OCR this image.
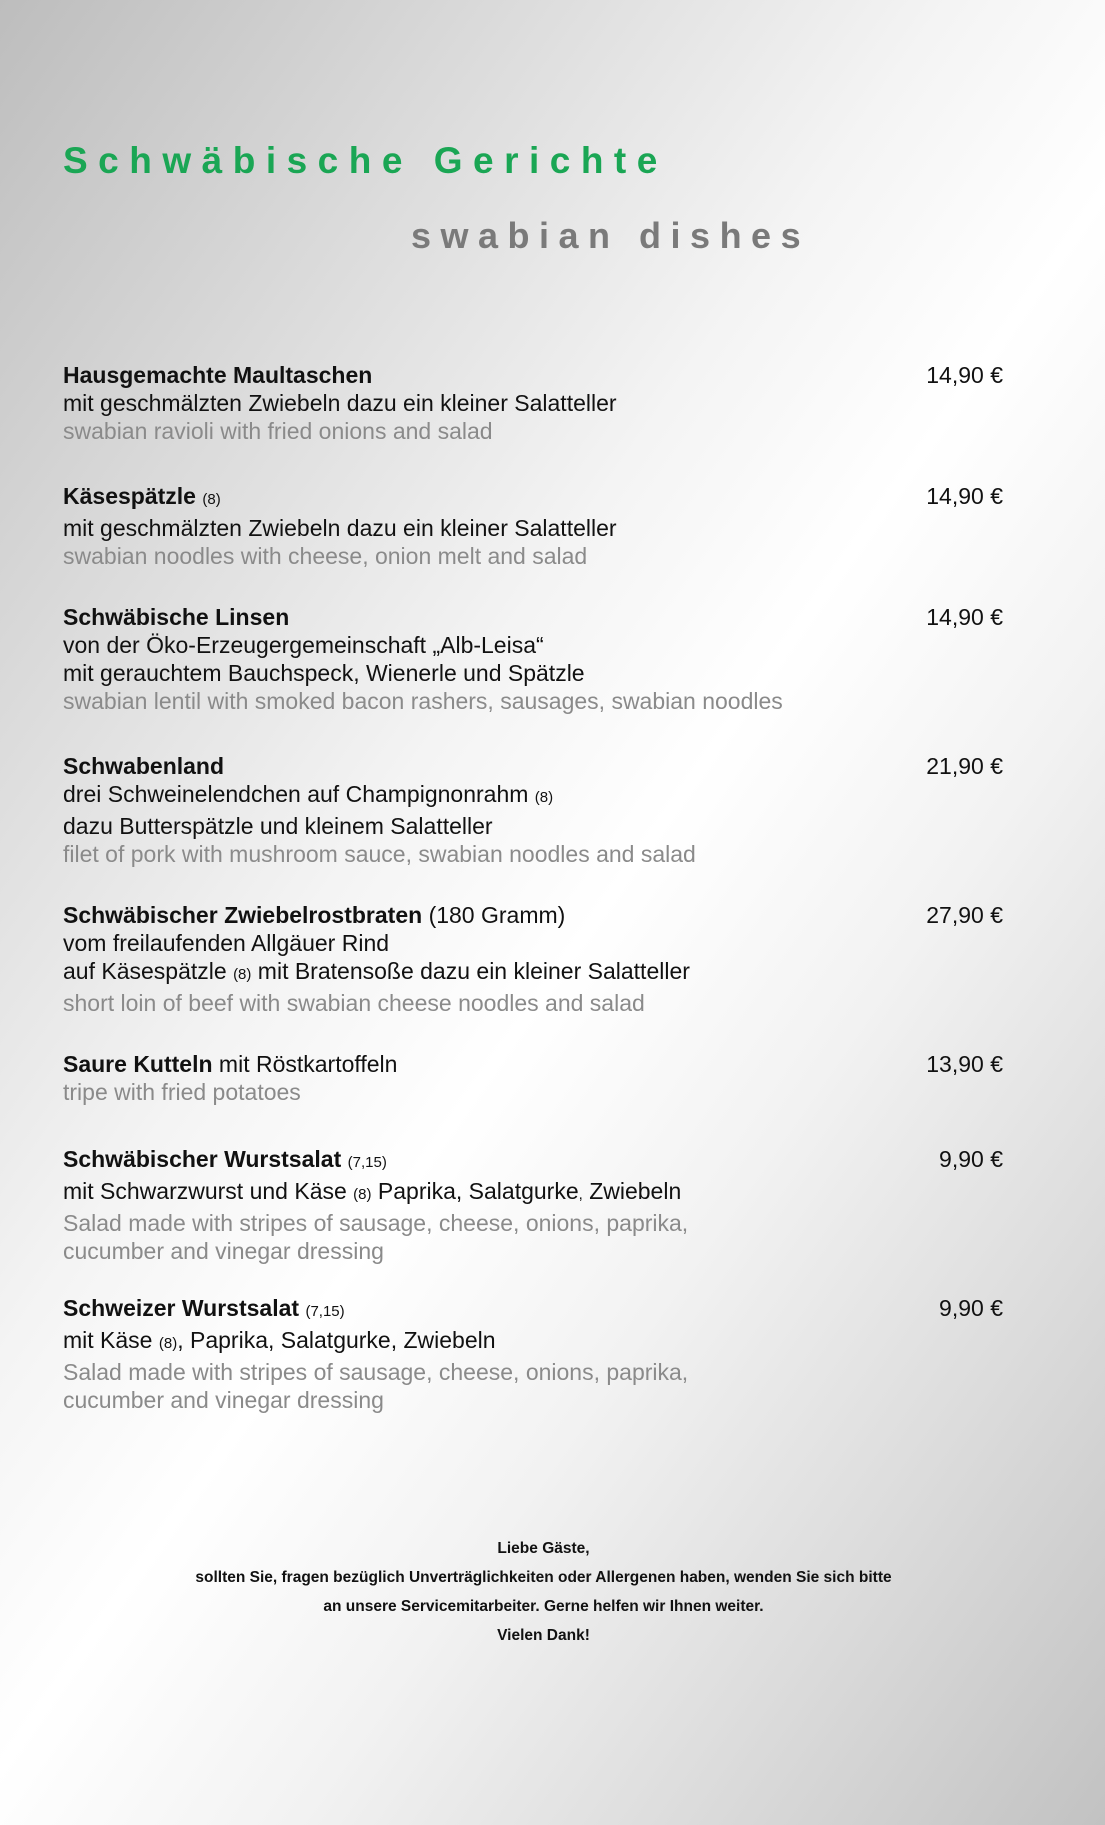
Schwäbische Gerichte
swabian dishes
Hausgemachte Maultaschen
mit geschmälzten Zwiebeln dazu ein kleiner Salatteller
swabian ravioli with fried onions and salad
14,90 €
Käsespätzle (8)
mit geschmälzten Zwiebeln dazu ein kleiner Salatteller
swabian noodles with cheese, onion melt and salad
14,90 €
Schwäbische Linsen
von der Öko-Erzeugergemeinschaft „Alb-Leisa“
mit gerauchtem Bauchspeck, Wienerle und Spätzle
swabian lentil with smoked bacon rashers, sausages, swabian noodles
14,90 €
Schwabenland
drei Schweinelendchen auf Champignonrahm (8)
dazu Butterspätzle und kleinem Salatteller
filet of pork with mushroom sauce, swabian noodles and salad
21,90 €
Schwäbischer Zwiebelrostbraten (180 Gramm)
vom freilaufenden Allgäuer Rind
auf Käsespätzle (8) mit Bratensoße dazu ein kleiner Salatteller
short loin of beef with swabian cheese noodles and salad
27,90 €
Saure Kutteln mit Röstkartoffeln
tripe with fried potatoes
13,90 €
Schwäbischer Wurstsalat (7,15)
mit Schwarzwurst und Käse (8) Paprika, Salatgurke, Zwiebeln
Salad made with stripes of sausage, cheese, onions, paprika,
cucumber and vinegar dressing
9,90 €
Schweizer Wurstsalat (7,15)
mit Käse (8), Paprika, Salatgurke, Zwiebeln
Salad made with stripes of sausage, cheese, onions, paprika,
cucumber and vinegar dressing
9,90 €
Liebe Gäste,
sollten Sie, fragen bezüglich Unverträglichkeiten oder Allergenen haben, wenden Sie sich bitte
an unsere Servicemitarbeiter. Gerne helfen wir Ihnen weiter.
Vielen Dank!
